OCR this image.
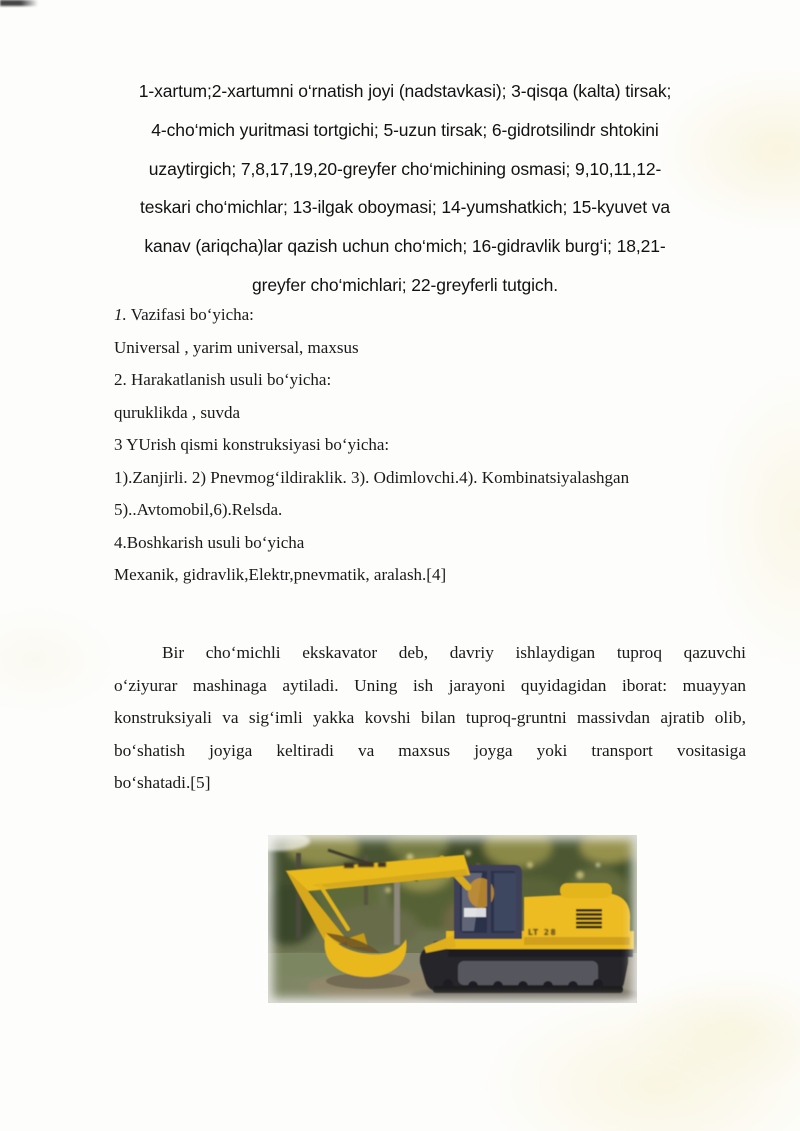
1-xartum;2-xartumni o‘rnatish joyi (nadstavkasi); 3-qisqa (kalta) tirsak;
4-cho‘mich yuritmasi tortgichi; 5-uzun tirsak; 6-gidrotsilindr shtokini
uzaytirgich; 7,8,17,19,20-greyfer cho‘michining osmasi; 9,10,11,12-
teskari cho‘michlar; 13-ilgak oboymasi; 14-yumshatkich; 15-kyuvet va
kanav (ariqcha)lar qazish uchun cho‘mich; 16-gidravlik burg‘i; 18,21-
greyfer cho‘michlari; 22-greyferli tutgich.
1. Vazifasi bo‘yicha:
Universal , yarim universal, maxsus
2. Harakatlanish usuli bo‘yicha:
quruklikda , suvda
3 YUrish qismi konstruksiyasi bo‘yicha:
1).Zanjirli. 2) Pnevmog‘ildiraklik. 3). Odimlovchi.4). Kombinatsiyalashgan
5)..Avtomobil,6).Relsda.
4.Boshkarish usuli bo‘yicha
Mexanik, gidravlik,Elektr,pnevmatik, aralash.[4]
Bir cho‘michli ekskavator deb, davriy ishlaydigan tuproq qazuvchi
o‘ziyurar mashinaga aytiladi. Uning ish jarayoni quyidagidan iborat: muayyan
konstruksiyali va sig‘imli yakka kovshi bilan tuproq-gruntni massivdan ajratib olib,
bo‘shatish joyiga keltiradi va maxsus joyga yoki transport vositasiga
bo‘shatadi.[5]
LT 28
